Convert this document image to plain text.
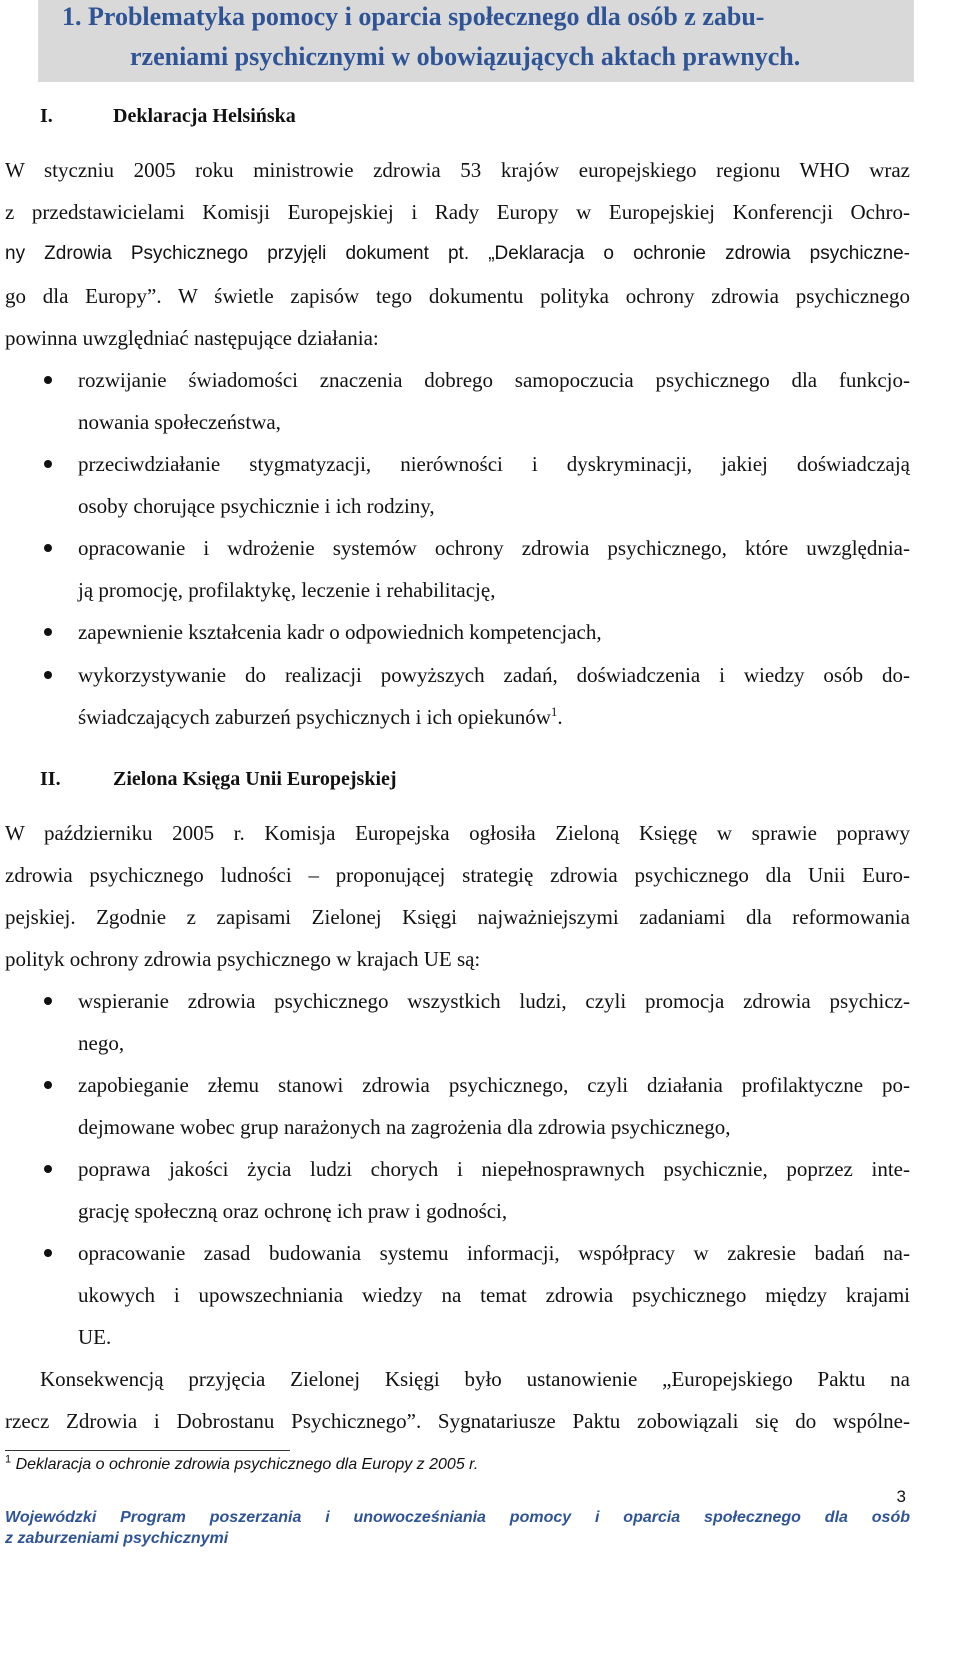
1. Problematyka pomocy i oparcia społecznego dla osób z zabu-
rzeniami psychicznymi w obowiązujących aktach prawnych.
I.	Deklaracja Helsińska
W styczniu 2005 roku ministrowie zdrowia 53 krajów europejskiego regionu WHO wraz
z przedstawicielami Komisji Europejskiej i Rady Europy w Europejskiej Konferencji Ochro-
ny Zdrowia Psychicznego przyjęli dokument pt. „Deklaracja o ochronie zdrowia psychiczne-
go dla Europy”. W świetle zapisów tego dokumentu polityka ochrony zdrowia psychicznego
powinna uwzględniać następujące działania:
rozwijanie świadomości znaczenia dobrego samopoczucia psychicznego dla funkcjo-
nowania społeczeństwa,
przeciwdziałanie stygmatyzacji, nierówności i dyskryminacji, jakiej doświadczają
osoby chorujące psychicznie i ich rodziny,
opracowanie i wdrożenie systemów ochrony zdrowia psychicznego, które uwzględnia-
ją promocję, profilaktykę, leczenie i rehabilitację,
zapewnienie kształcenia kadr o odpowiednich kompetencjach,
wykorzystywanie do realizacji powyższych zadań, doświadczenia i wiedzy osób do-
świadczających zaburzeń psychicznych i ich opiekunów$^1$.
II.	Zielona Księga Unii Europejskiej
W październiku 2005 r. Komisja Europejska ogłosiła Zieloną Księgę w sprawie poprawy
zdrowia psychicznego ludności – proponującej strategię zdrowia psychicznego dla Unii Euro-
pejskiej. Zgodnie z zapisami Zielonej Księgi najważniejszymi zadaniami dla reformowania
polityk ochrony zdrowia psychicznego w krajach UE są:
wspieranie zdrowia psychicznego wszystkich ludzi, czyli promocja zdrowia psychicz-
nego,
zapobieganie złemu stanowi zdrowia psychicznego, czyli działania profilaktyczne po-
dejmowane wobec grup narażonych na zagrożenia dla zdrowia psychicznego,
poprawa jakości życia ludzi chorych i niepełnosprawnych psychicznie, poprzez inte-
grację społeczną oraz ochronę ich praw i godności,
opracowanie zasad budowania systemu informacji, współpracy w zakresie badań na-
ukowych i upowszechniania wiedzy na temat zdrowia psychicznego między krajami
UE.
Konsekwencją przyjęcia Zielonej Księgi było ustanowienie „Europejskiego Paktu na
rzecz Zdrowia i Dobrostanu Psychicznego”. Sygnatariusze Paktu zobowiązali się do wspólne-
$^1$ Deklaracja o ochronie zdrowia psychicznego dla Europy z 2005 r.
3
Wojewódzki Program poszerzania i unowocześniania pomocy i oparcia społecznego dla osób
z zaburzeniami psychicznymi
